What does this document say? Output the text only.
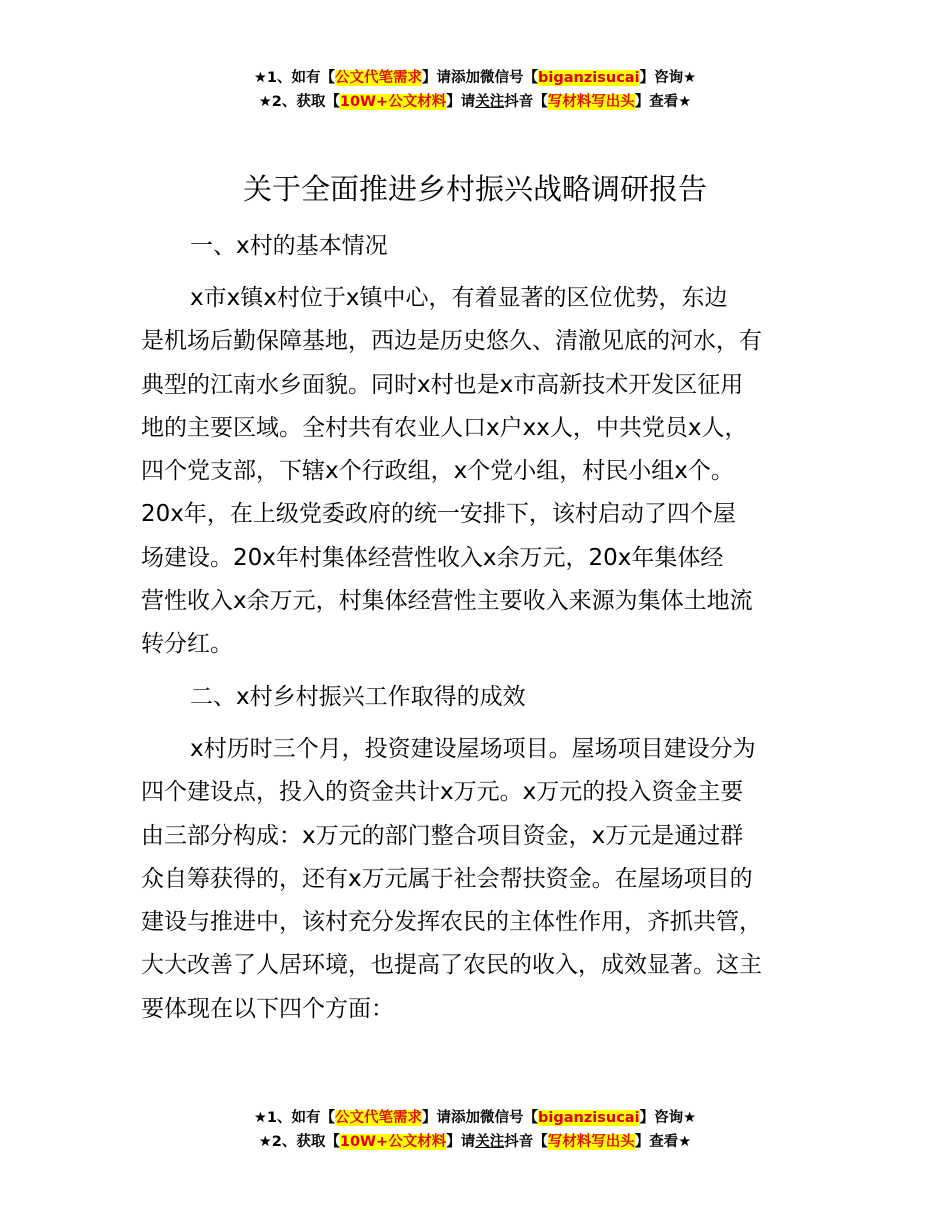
★1、如有【公文代笔需求】请添加微信号【biganzisucai】咨询★
★2、获取【10W+公文材料】请关注抖音【写材料写出头】查看★
关于全面推进乡村振兴战略调研报告
一、x村的基本情况
x市x镇x村位于x镇中心，有着显著的区位优势，东边
是机场后勤保障基地，西边是历史悠久、清澈见底的河水，有
典型的江南水乡面貌。同时x村也是x市高新技术开发区征用
地的主要区域。全村共有农业人口x户xx人，中共党员x人，
四个党支部，下辖x个行政组，x个党小组，村民小组x个。
20x年，在上级党委政府的统一安排下，该村启动了四个屋
场建设。20x年村集体经营性收入x余万元，20x年集体经
营性收入x余万元，村集体经营性主要收入来源为集体土地流
转分红。
二、x村乡村振兴工作取得的成效
x村历时三个月，投资建设屋场项目。屋场项目建设分为
四个建设点，投入的资金共计x万元。x万元的投入资金主要
由三部分构成：x万元的部门整合项目资金，x万元是通过群
众自筹获得的，还有x万元属于社会帮扶资金。在屋场项目的
建设与推进中，该村充分发挥农民的主体性作用，齐抓共管，
大大改善了人居环境，也提高了农民的收入，成效显著。这主
要体现在以下四个方面：
★1、如有【公文代笔需求】请添加微信号【biganzisucai】咨询★
★2、获取【10W+公文材料】请关注抖音【写材料写出头】查看★
